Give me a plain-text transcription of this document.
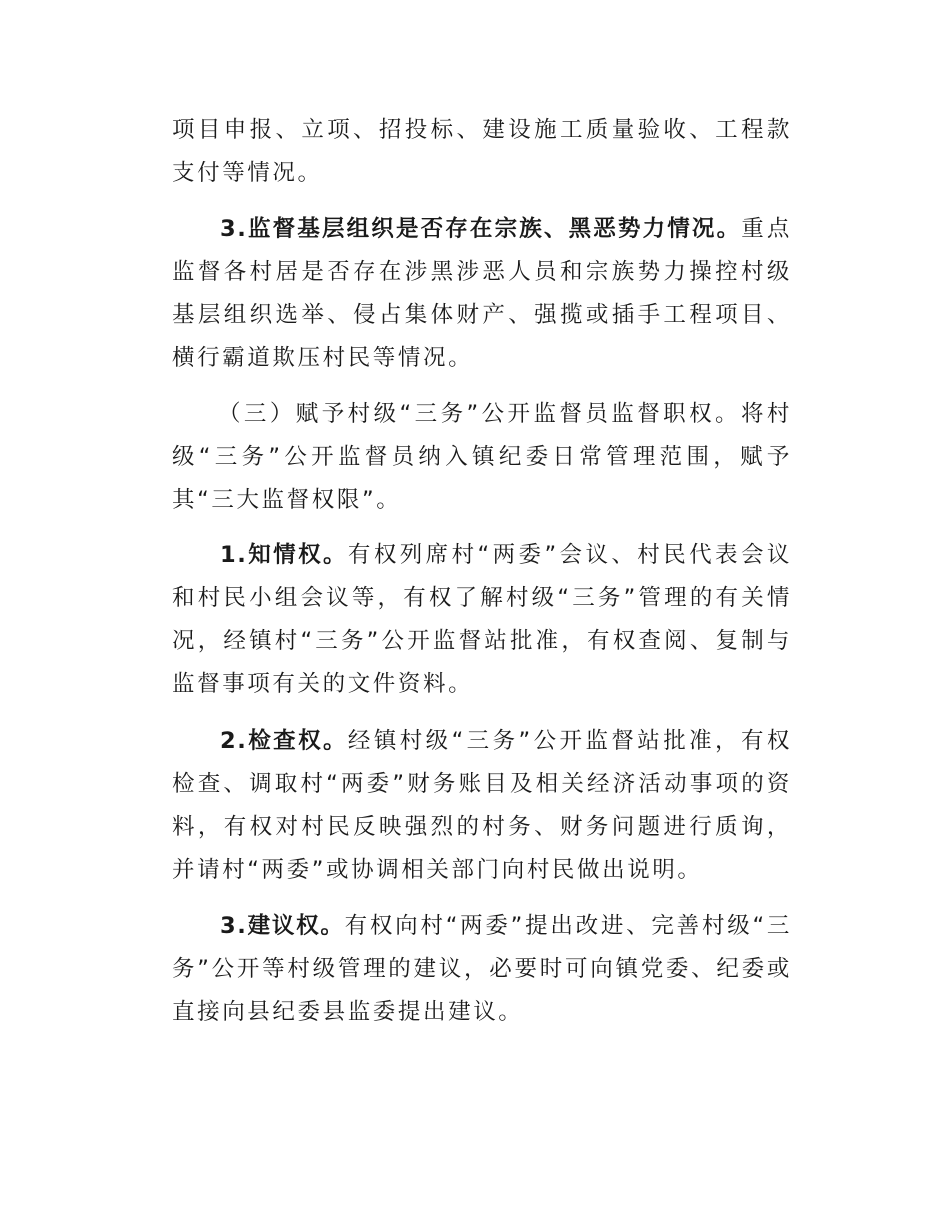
项目申报、立项、招投标、建设施工质量验收、工程款支付等情况。

3.监督基层组织是否存在宗族、黑恶势力情况。重点监督各村居是否存在涉黑涉恶人员和宗族势力操控村级基层组织选举、侵占集体财产、强揽或插手工程项目、横行霸道欺压村民等情况。

（三）赋予村级“三务”公开监督员监督职权。将村级“三务”公开监督员纳入镇纪委日常管理范围，赋予其“三大监督权限”。

1.知情权。有权列席村“两委”会议、村民代表会议和村民小组会议等，有权了解村级“三务”管理的有关情况，经镇村“三务”公开监督站批准，有权查阅、复制与监督事项有关的文件资料。

2.检查权。经镇村级“三务”公开监督站批准，有权检查、调取村“两委”财务账目及相关经济活动事项的资料，有权对村民反映强烈的村务、财务问题进行质询，并请村“两委”或协调相关部门向村民做出说明。

3.建议权。有权向村“两委”提出改进、完善村级“三务”公开等村级管理的建议，必要时可向镇党委、纪委或直接向县纪委县监委提出建议。
